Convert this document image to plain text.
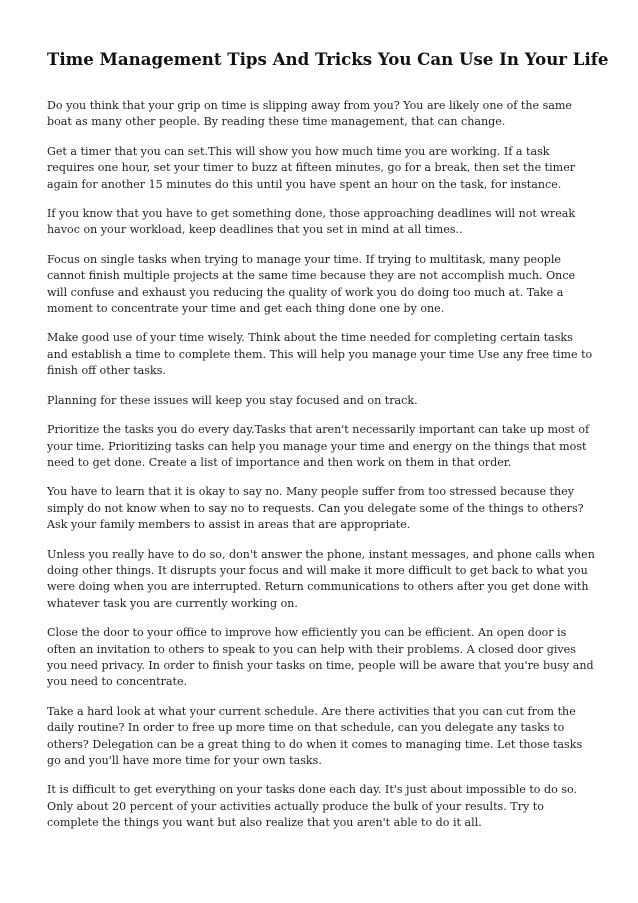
Time Management Tips And Tricks You Can Use In Your Life

Do you think that your grip on time is slipping away from you? You are likely one of the same boat as many other people. By reading these time management, that can change.

Get a timer that you can set.This will show you how much time you are working. If a task requires one hour, set your timer to buzz at fifteen minutes, go for a break, then set the timer again for another 15 minutes do this until you have spent an hour on the task, for instance.

If you know that you have to get something done, those approaching deadlines will not wreak havoc on your workload, keep deadlines that you set in mind at all times..

Focus on single tasks when trying to manage your time. If trying to multitask, many people cannot finish multiple projects at the same time because they are not accomplish much. Once will confuse and exhaust you reducing the quality of work you do doing too much at. Take a moment to concentrate your time and get each thing done one by one.

Make good use of your time wisely. Think about the time needed for completing certain tasks and establish a time to complete them. This will help you manage your time Use any free time to finish off other tasks.

Planning for these issues will keep you stay focused and on track.

Prioritize the tasks you do every day.Tasks that aren't necessarily important can take up most of your time. Prioritizing tasks can help you manage your time and energy on the things that most need to get done. Create a list of importance and then work on them in that order.

You have to learn that it is okay to say no. Many people suffer from too stressed because they simply do not know when to say no to requests. Can you delegate some of the things to others? Ask your family members to assist in areas that are appropriate.

Unless you really have to do so, don't answer the phone, instant messages, and phone calls when doing other things. It disrupts your focus and will make it more difficult to get back to what you were doing when you are interrupted. Return communications to others after you get done with whatever task you are currently working on.

Close the door to your office to improve how efficiently you can be efficient. An open door is often an invitation to others to speak to you can help with their problems. A closed door gives you need privacy. In order to finish your tasks on time, people will be aware that you're busy and you need to concentrate.

Take a hard look at what your current schedule. Are there activities that you can cut from the daily routine? In order to free up more time on that schedule, can you delegate any tasks to others? Delegation can be a great thing to do when it comes to managing time. Let those tasks go and you'll have more time for your own tasks.

It is difficult to get everything on your tasks done each day. It's just about impossible to do so. Only about 20 percent of your activities actually produce the bulk of your results. Try to complete the things you want but also realize that you aren't able to do it all.
